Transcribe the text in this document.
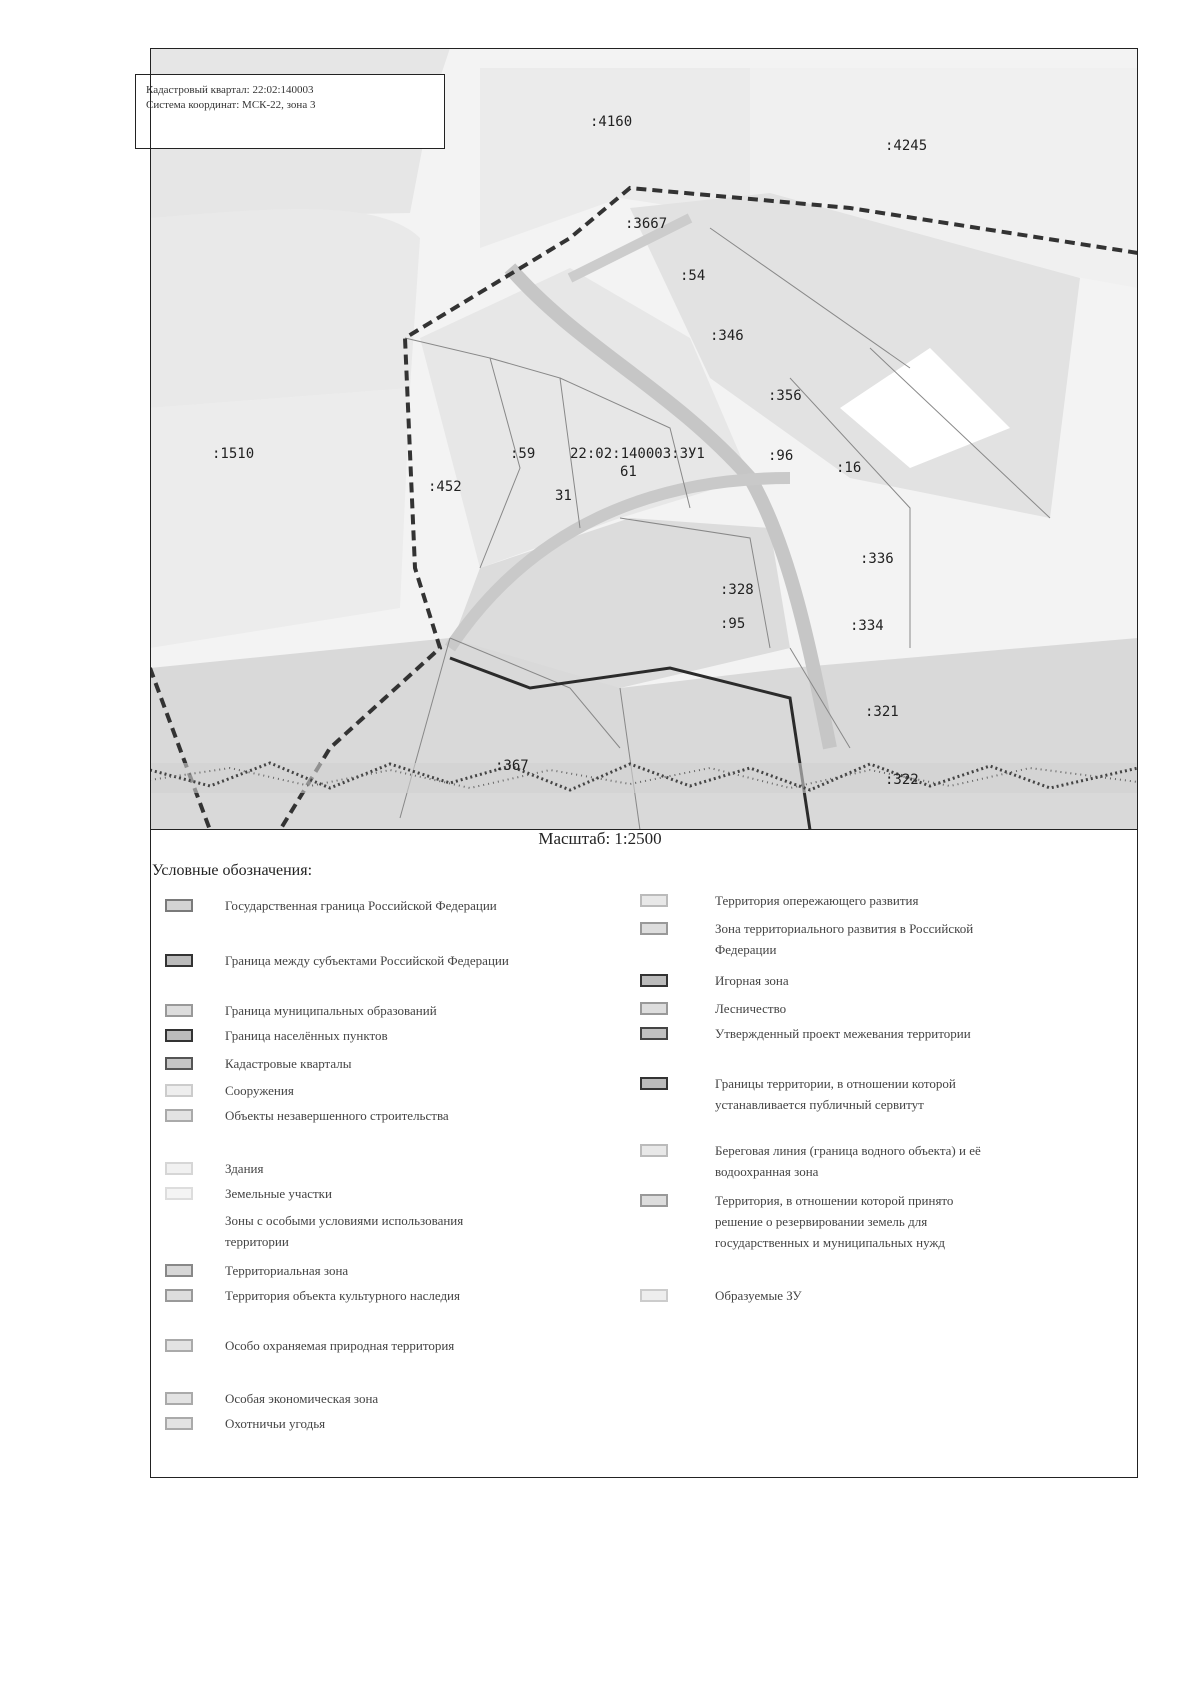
:4160
:4245
:3667
:54
:346
:356
:96
:1510	:59 22:02:140003:ЗУ1
61	:16
:452
31
:336
:328
:95	:334
:321
:367
:322
Кадастровый квартал: 22:02:140003
Система координат: МСК-22, зона 3
Масштаб: 1:2500
Условные обозначения:
Государственная граница Российской Федерации
Граница между субъектами Российской Федерации
Граница муниципальных образований
Граница населённых пунктов
Кадастровые кварталы
Сооружения
Объекты незавершенного строительства
Здания
Земельные участки
Зоны с особыми условиями использования территории
Территориальная зона
Территория объекта культурного наследия
Особо охраняемая природная территория
Особая экономическая зона
Охотничьи угодья
Территория опережающего развития
Зона территориального развития в Российской Федерации
Игорная зона
Лесничество
Утвержденный проект межевания территории
Границы территории, в отношении которой устанавливается публичный сервитут
Береговая линия (граница водного объекта) и её водоохранная зона
Территория, в отношении которой принято решение о резервировании земель для государственных и муниципальных нужд
Образуемые ЗУ
